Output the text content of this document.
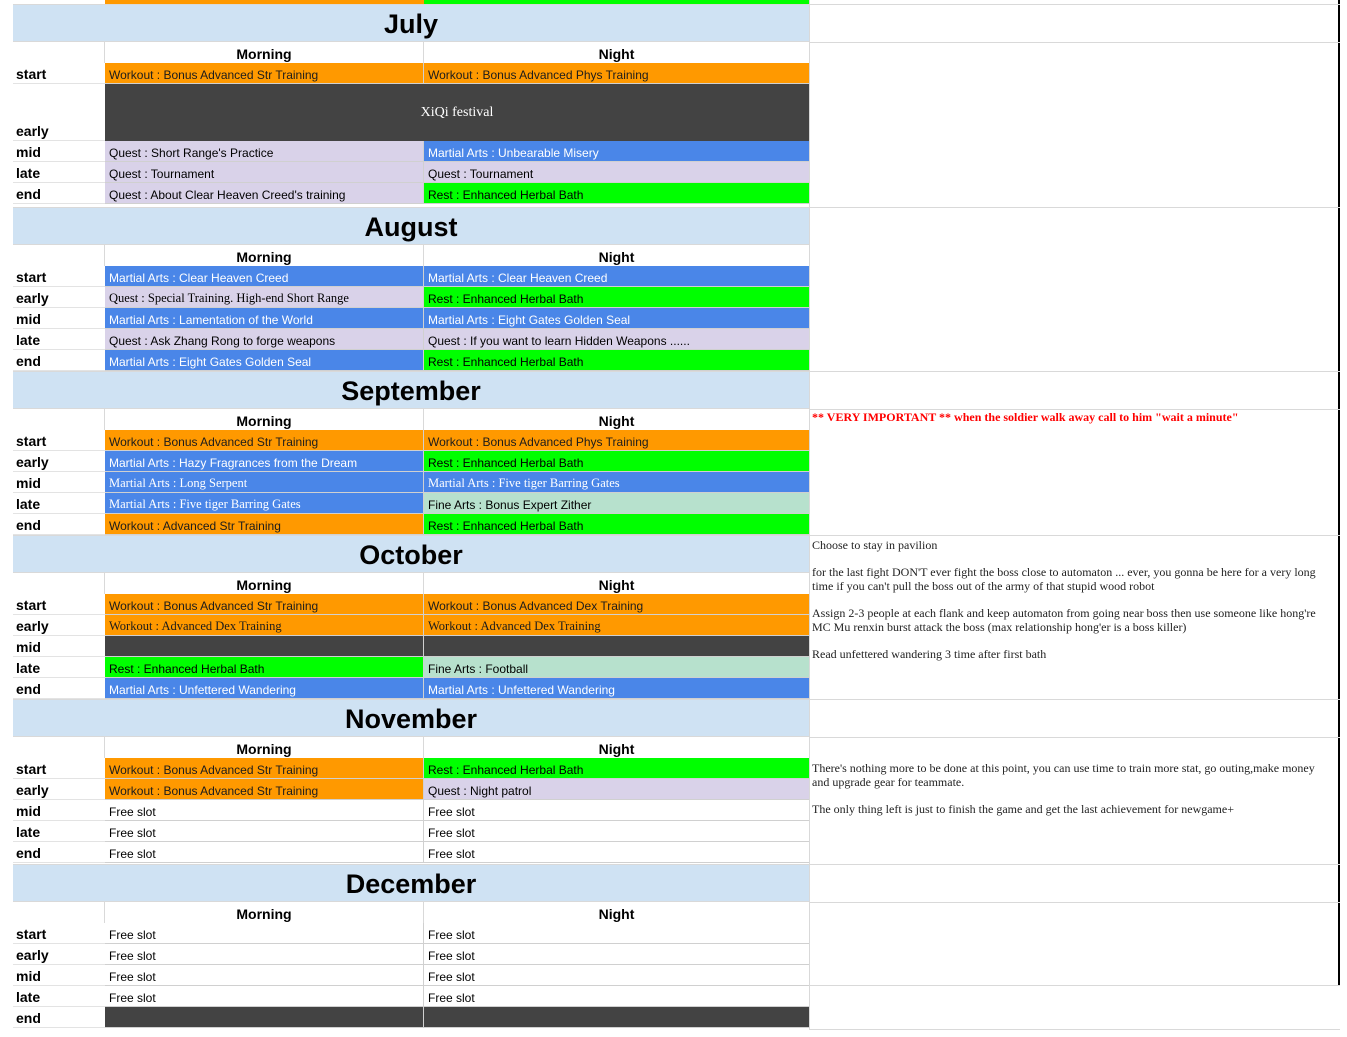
July
Morning	Night
start	Workout : Bonus Advanced Str Training	Workout : Bonus Advanced Phys Training
early
XiQi festival
mid	Quest : Short Range's Practice	Martial Arts : Unbearable Misery
late	Quest : Tournament	Quest : Tournament
end	Quest : About Clear Heaven Creed's training	Rest : Enhanced Herbal Bath
August
Morning	Night
start	Martial Arts : Clear Heaven Creed	Martial Arts : Clear Heaven Creed
early	Quest : Special Training. High-end Short Range	Rest : Enhanced Herbal Bath
mid	Martial Arts : Lamentation of the World	Martial Arts : Eight Gates Golden Seal
late	Quest : Ask Zhang Rong to forge weapons	Quest : If you want to learn Hidden Weapons ......
end	Martial Arts : Eight Gates Golden Seal	Rest : Enhanced Herbal Bath
September
Morning	Night
start	Workout : Bonus Advanced Str Training	Workout : Bonus Advanced Phys Training
early	Martial Arts : Hazy Fragrances from the Dream	Rest : Enhanced Herbal Bath
mid	Martial Arts : Long Serpent	Martial Arts : Five tiger Barring Gates
late	Martial Arts : Five tiger Barring Gates	Fine Arts : Bonus Expert Zither
end	Workout : Advanced Str Training	Rest : Enhanced Herbal Bath
October
Morning	Night
start	Workout : Bonus Advanced Str Training	Workout : Bonus Advanced Dex Training
early	Workout : Advanced Dex Training	Workout : Advanced Dex Training
mid
late	Rest : Enhanced Herbal Bath	Fine Arts : Football
end	Martial Arts : Unfettered Wandering	Martial Arts : Unfettered Wandering
November
Morning	Night
start	Workout : Bonus Advanced Str Training	Rest : Enhanced Herbal Bath
early	Workout : Bonus Advanced Str Training	Quest : Night patrol
mid	Free slot	Free slot
late	Free slot	Free slot
end	Free slot	Free slot
December
Morning	Night
start	Free slot	Free slot
early	Free slot	Free slot
mid	Free slot	Free slot
late	Free slot	Free slot
end
** VERY IMPORTANT ** when the soldier walk away call to him "wait a minute"
Choose to stay in pavilion
for the last fight DON'T ever fight the boss close to automaton ... ever, you gonna be here for a very long time if you can't pull the boss out of the army of that stupid wood robot
Assign 2-3 people at each flank and keep automaton from going near boss then use someone like hong're MC Mu renxin burst attack the boss (max relationship hong'er is a boss killer)
Read unfettered wandering 3 time after first bath
There's nothing more to be done at this point, you can use time to train more stat, go outing,make money and upgrade gear for teammate.
The only thing left is just to finish the game and get the last achievement for newgame+
